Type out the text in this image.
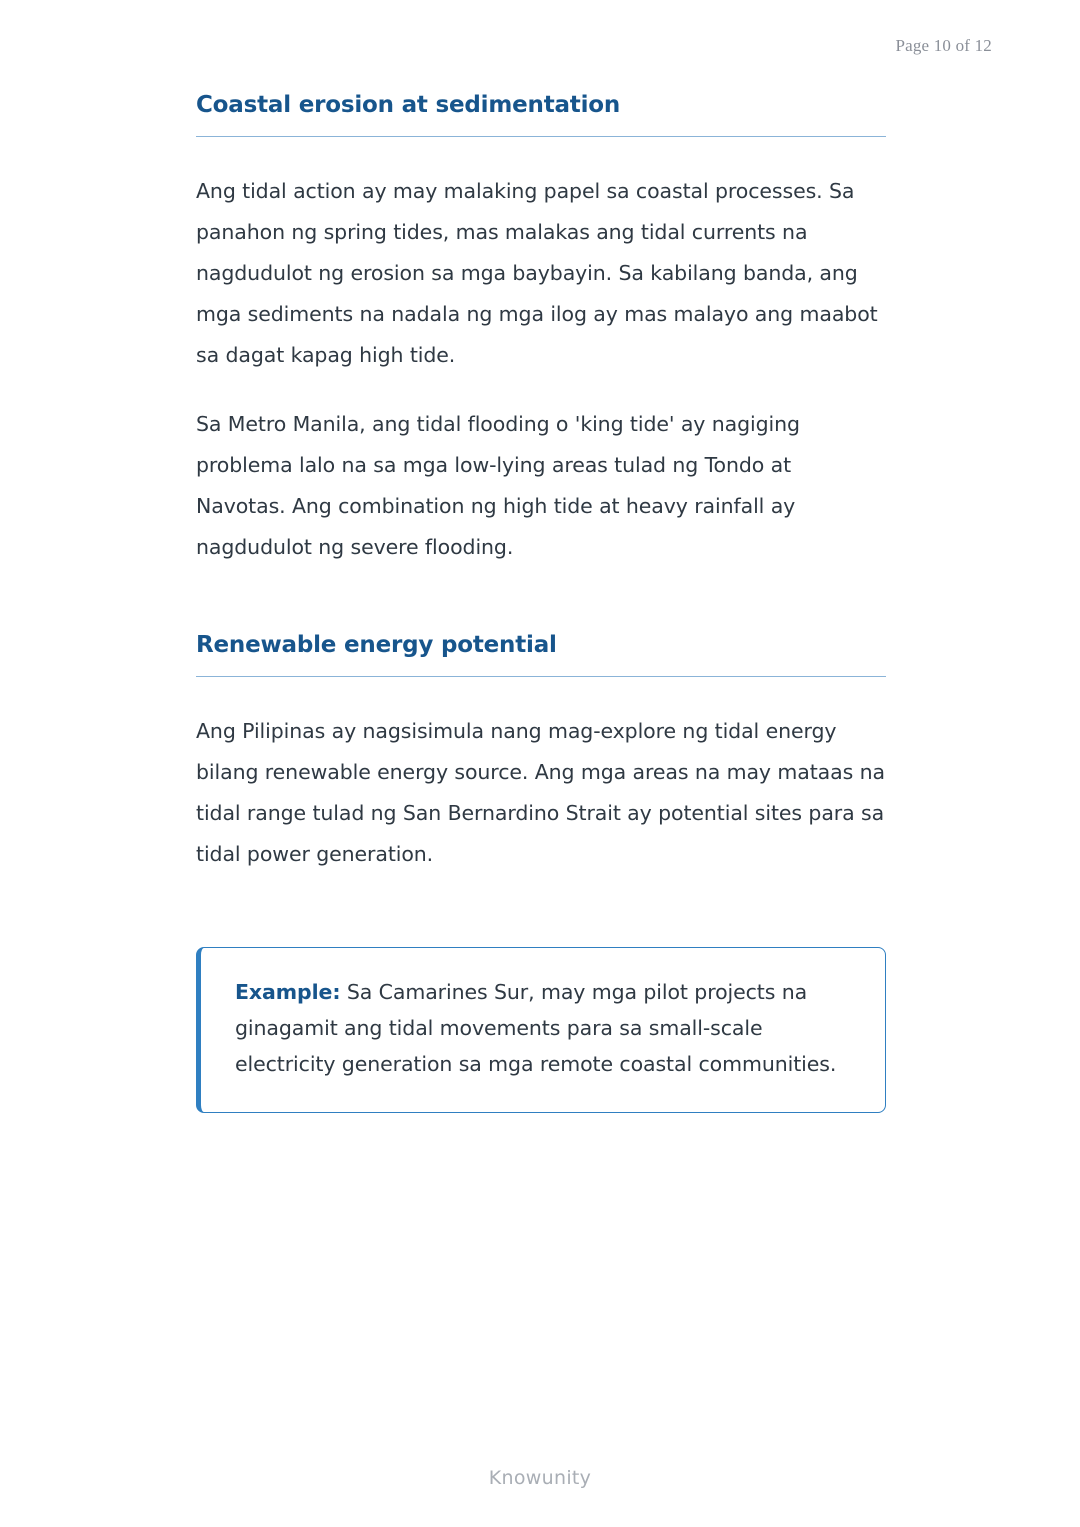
Page 10 of 12
Coastal erosion at sedimentation

Ang tidal action ay may malaking papel sa coastal processes. Sa panahon ng spring tides, mas malakas ang tidal currents na nagdudulot ng erosion sa mga baybayin. Sa kabilang banda, ang mga sediments na nadala ng mga ilog ay mas malayo ang maabot sa dagat kapag high tide.

Sa Metro Manila, ang tidal flooding o 'king tide' ay nagiging problema lalo na sa mga low-lying areas tulad ng Tondo at Navotas. Ang combination ng high tide at heavy rainfall ay nagdudulot ng severe flooding.

Renewable energy potential

Ang Pilipinas ay nagsisimula nang mag-explore ng tidal energy bilang renewable energy source. Ang mga areas na may mataas na tidal range tulad ng San Bernardino Strait ay potential sites para sa tidal power generation.

Example: Sa Camarines Sur, may mga pilot projects na ginagamit ang tidal movements para sa small-scale electricity generation sa mga remote coastal communities.

Knowunity
